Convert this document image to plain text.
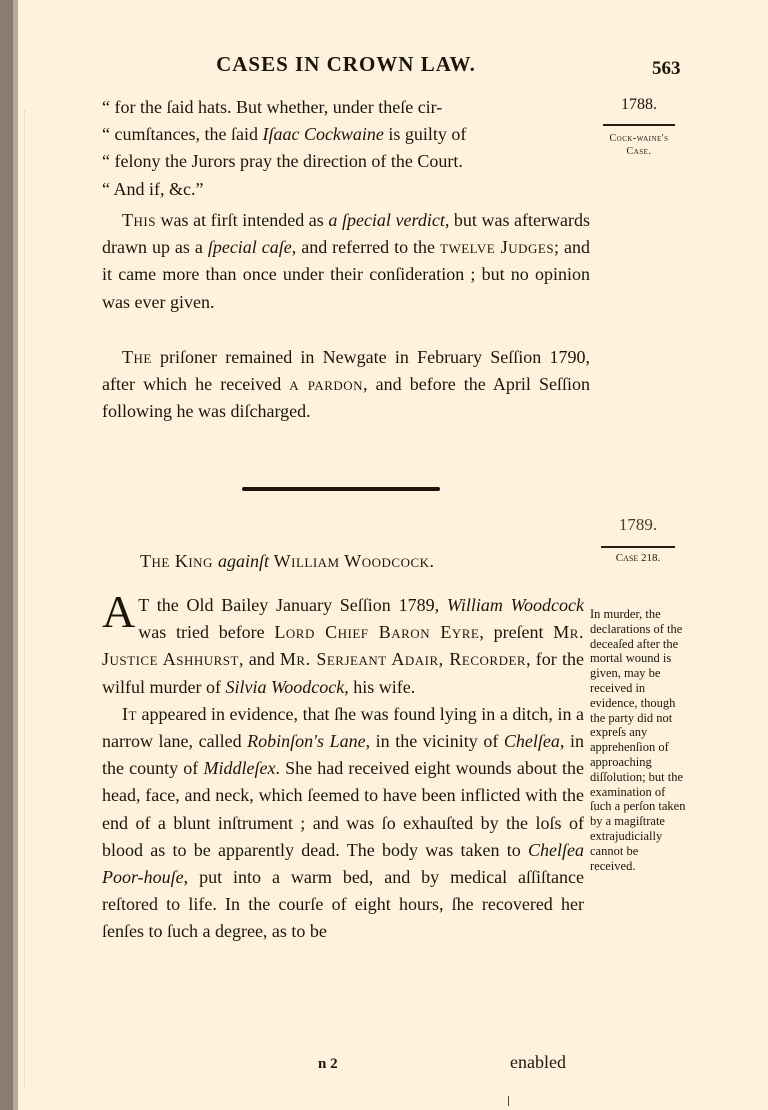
CASES IN CROWN LAW.	563

“ for the ſaid hats. But whether, under theſe cir-

“ cumſtances, the ſaid Iſaac Cockwaine is guilty of

“ felony the Jurors pray the direction of the Court.

“ And if, &c.”

1788.
Cock-waine's Case.

This was at firſt intended as a ſpecial verdict, but was afterwards drawn up as a ſpecial caſe, and referred to the twelve Judges; and it came more than once under their conſideration ; but no opinion was ever given.

The priſoner remained in Newgate in February Seſſion 1790, after which he received a pardon, and before the April Seſſion following he was diſcharged.

1789.
Case 218.
The King againſt William Woodcock.

A T the Old Bailey January Seſſion 1789, William Woodcock was tried before Lord Chief Baron Eyre, preſent Mr. Justice Ashhurst, and Mr. Serjeant Adair, Recorder, for the wilful murder of Silvia Woodcock, his wife.

It appeared in evidence, that ſhe was found lying in a ditch, in a narrow lane, called Robinſon's Lane, in the vicinity of Chelſea, in the county of Middleſex. She had received eight wounds about the head, face, and neck, which ſeemed to have been inflicted with the end of a blunt inſtrument ; and was ſo exhauſted by the loſs of blood as to be apparently dead. The body was taken to Chelſea Poor-houſe, put into a warm bed, and by medical aſſiſtance reſtored to life. In the courſe of eight hours, ſhe recovered her ſenſes to ſuch a degree, as to be

In murder, the declarations of the deceaſed after the mortal wound is given, may be received in evidence, though the party did not expreſs any apprehenſion of approaching diſſolution; but the examination of ſuch a perſon taken by a magiſtrate extrajudicially cannot be received.
n 2	enabled
